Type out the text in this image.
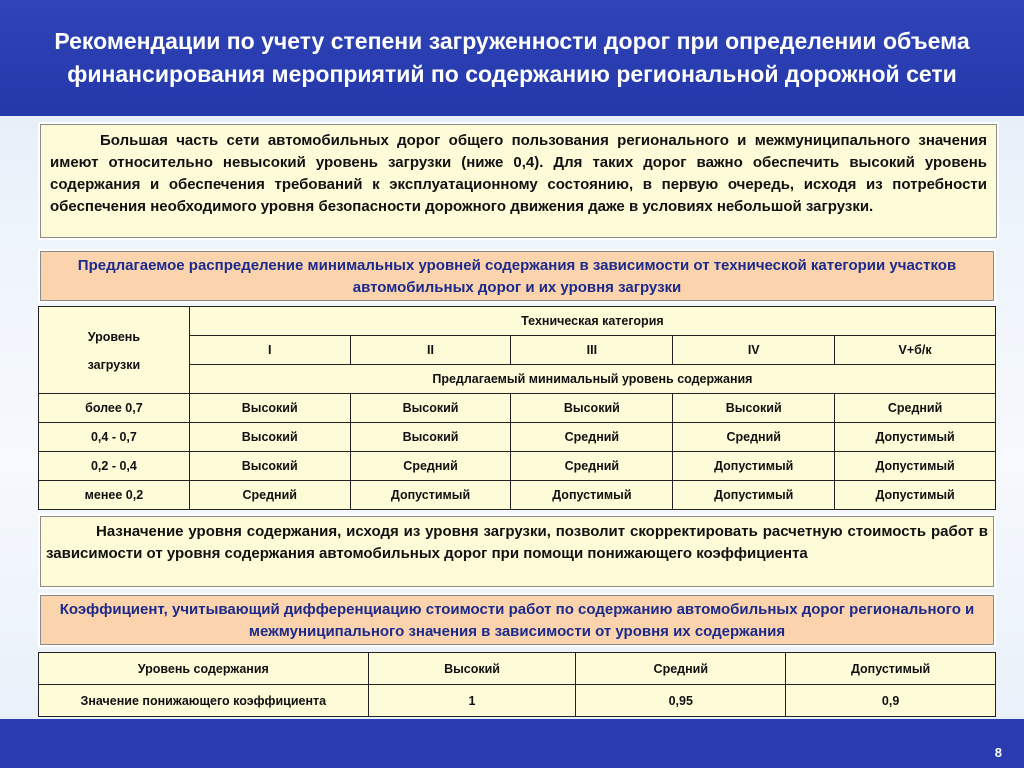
Рекомендации по учету степени загруженности дорог при определении объема финансирования мероприятий по содержанию региональной дорожной сети

Большая часть сети автомобильных дорог общего пользования регионального и межмуниципального значения имеют относительно невысокий уровень загрузки (ниже 0,4). Для таких дорог важно обеспечить высокий уровень содержания и обеспечения требований к эксплуатационному состоянию, в первую очередь, исходя из потребности обеспечения необходимого уровня безопасности дорожного движения даже в условиях небольшой загрузки.

Предлагаемое распределение минимальных уровней содержания в зависимости от технической категории участков автомобильных дорог и их уровня загрузки

Уровень
загрузки	Техническая категория				
	I	II	III	IV	V+б/к
	Предлагаемый минимальный уровень содержания				
более 0,7	Высокий	Высокий	Высокий	Высокий	Средний
0,4 - 0,7	Высокий	Высокий	Средний	Средний	Допустимый
0,2 - 0,4	Высокий	Средний	Средний	Допустимый	Допустимый
менее 0,2	Средний	Допустимый	Допустимый	Допустимый	Допустимый

Назначение уровня содержания, исходя из уровня загрузки, позволит скорректировать расчетную стоимость работ в зависимости от уровня содержания автомобильных дорог при помощи понижающего коэффициента

Коэффициент, учитывающий дифференциацию стоимости работ по содержанию автомобильных дорог регионального и межмуниципального значения в зависимости от уровня их содержания

Уровень содержания	Высокий	Средний	Допустимый
Значение понижающего коэффициента	1	0,95	0,9
8
